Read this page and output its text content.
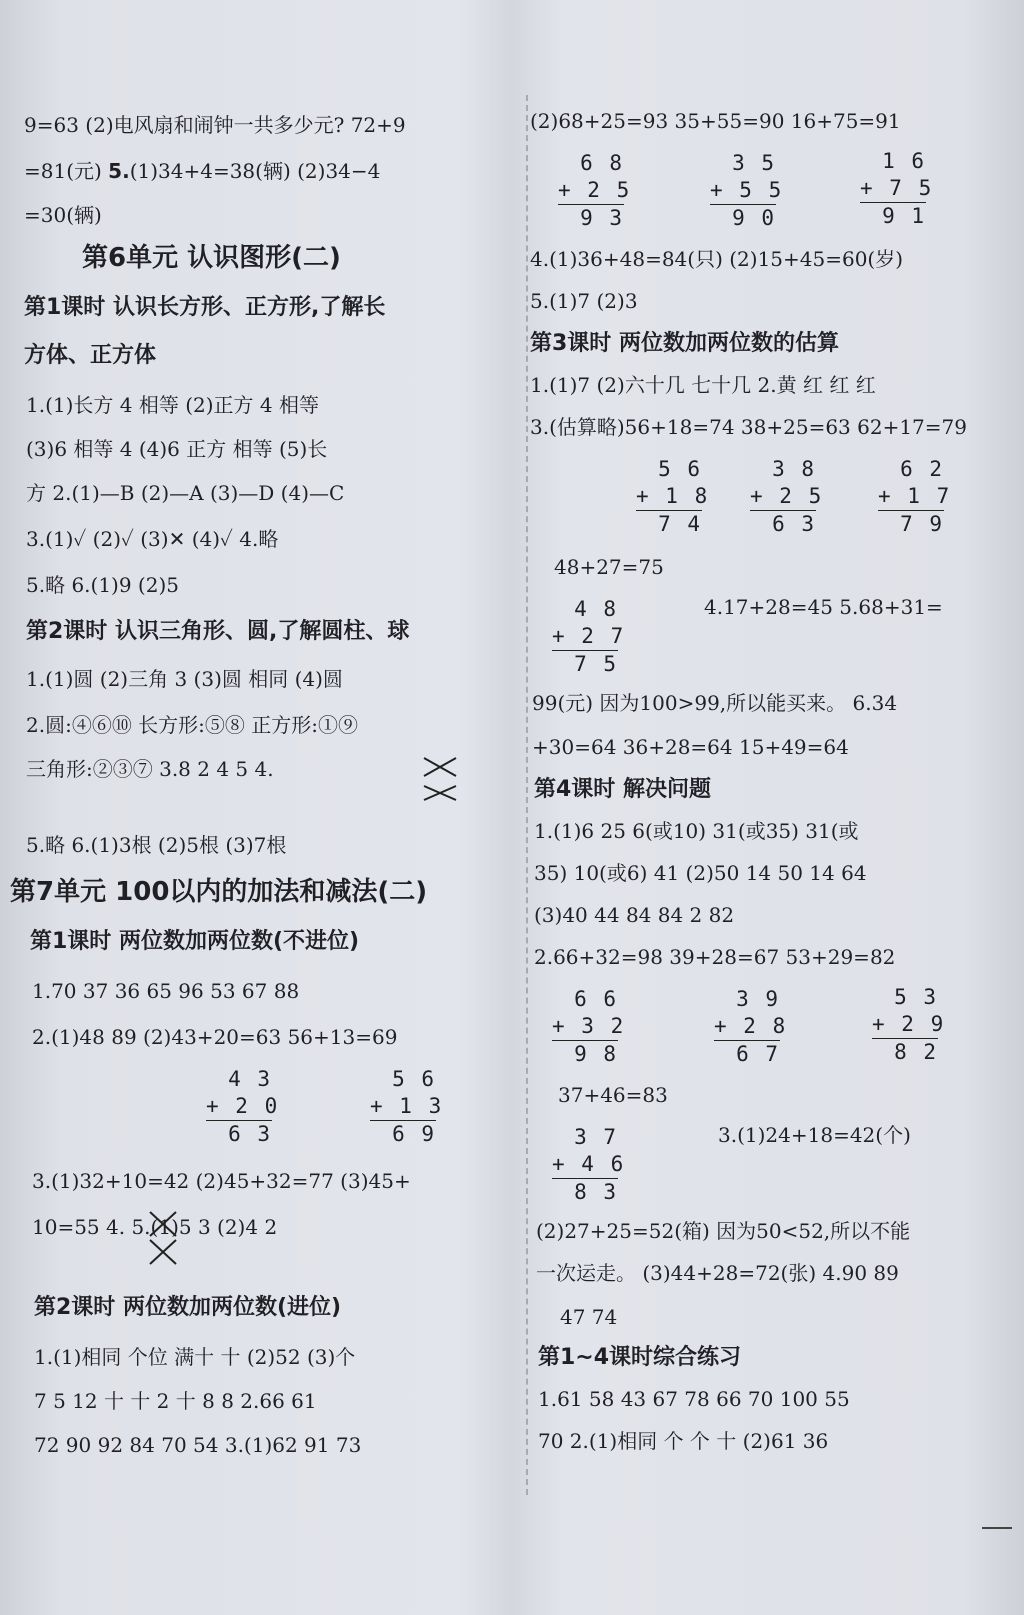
9=63 (2)电风扇和闹钟一共多少元? 72+9
=81(元) 5.(1)34+4=38(辆) (2)34−4
=30(辆)
第6单元 认识图形(二)
第1课时 认识长方形、正方形,了解长
方体、正方体
1.(1)长方 4 相等 (2)正方 4 相等
(3)6 相等 4 (4)6 正方 相等 (5)长
方 2.(1)—B (2)—A (3)—D (4)—C
3.(1)✓ (2)✓ (3)✕ (4)✓ 4.略
5.略 6.(1)9 (2)5
第2课时 认识三角形、圆,了解圆柱、球
1.(1)圆 (2)三角 3 (3)圆 相同 (4)圆
2.圆:④⑥⑩ 长方形:⑤⑧ 正方形:①⑨
三角形:②③⑦ 3.8 2 4 5 4.
5.略 6.(1)3根 (2)5根 (3)7根
第7单元 100以内的加法和减法(二)
第1课时 两位数加两位数(不进位)
1.70 37 36 65 96 53 67 88
2.(1)48 89 (2)43+20=63 56+13=69
4 3
+ 2 0
6 3
5 6
+ 1 3
6 9
3.(1)32+10=42 (2)45+32=77 (3)45+
10=55 4. 5.(1)5 3 (2)4 2
第2课时 两位数加两位数(进位)
1.(1)相同 个位 满十 十 (2)52 (3)个
7 5 12 十 十 2 十 8 8 2.66 61
72 90 92 84 70 54 3.(1)62 91 73
(2)68+25=93 35+55=90 16+75=91
6 8
+ 2 5
9 3
3 5
+ 5 5
9 0
1 6
+ 7 5
9 1
4.(1)36+48=84(只) (2)15+45=60(岁)
5.(1)7 (2)3
第3课时 两位数加两位数的估算
1.(1)7 (2)六十几 七十几 2.黄 红 红 红
3.(估算略)56+18=74 38+25=63 62+17=79
5 6
+ 1 8
7 4
3 8
+ 2 5
6 3
6 2
+ 1 7
7 9
48+27=75
4 8
+ 2 7
7 5
4.17+28=45 5.68+31=
99(元) 因为100>99,所以能买来。 6.34
+30=64 36+28=64 15+49=64
第4课时 解决问题
1.(1)6 25 6(或10) 31(或35) 31(或
35) 10(或6) 41 (2)50 14 50 14 64
(3)40 44 84 84 2 82
2.66+32=98 39+28=67 53+29=82
6 6
+ 3 2
9 8
3 9
+ 2 8
6 7
5 3
+ 2 9
8 2
37+46=83
3 7
+ 4 6
8 3
3.(1)24+18=42(个)
(2)27+25=52(箱) 因为50<52,所以不能
一次运走。 (3)44+28=72(张) 4.90 89
47 74
第1~4课时综合练习
1.61 58 43 67 78 66 70 100 55
70 2.(1)相同 个 个 十 (2)61 36
